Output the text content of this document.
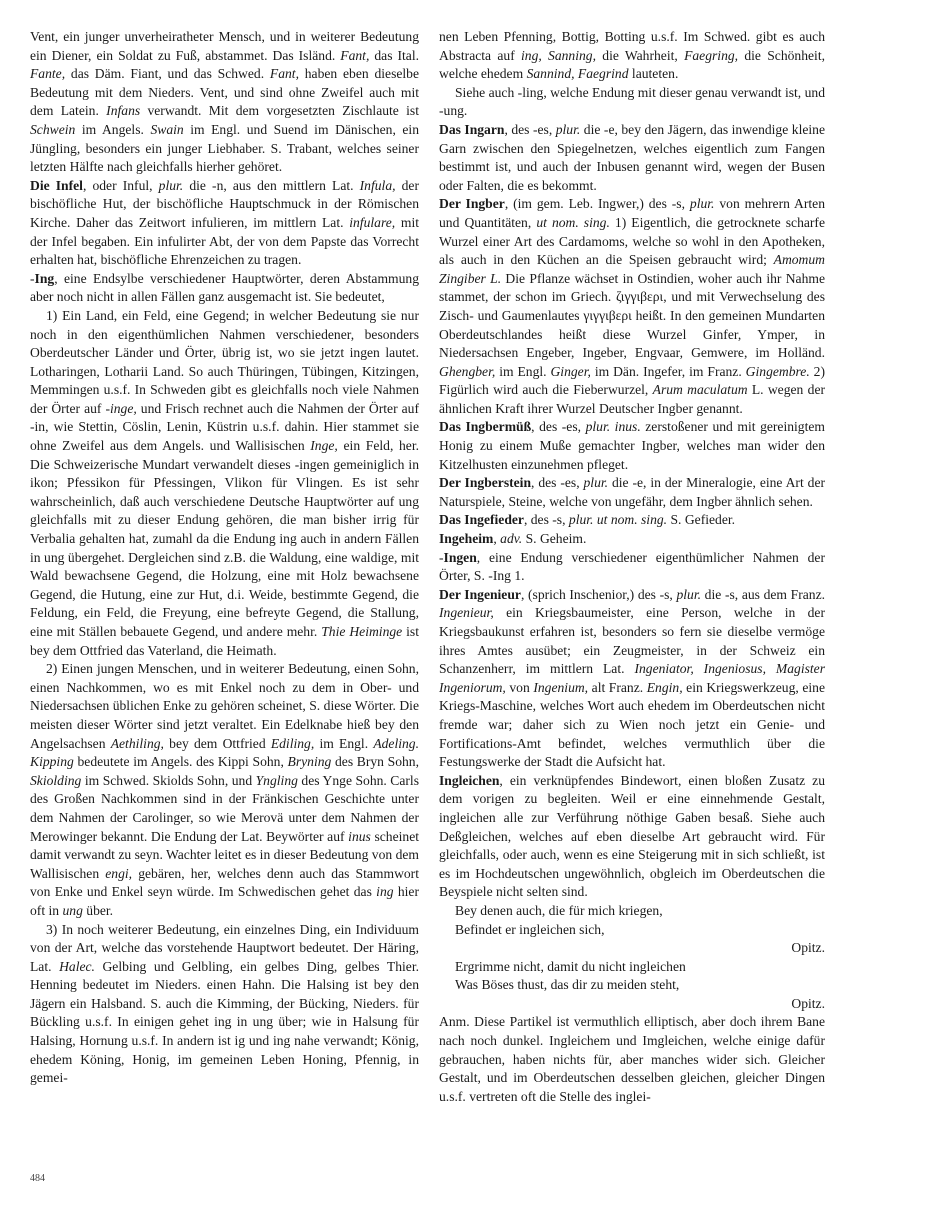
Vent, ein junger unverheiratheter Mensch, und in weiterer Bedeutung ein Diener, ein Soldat zu Fuß, abstammet. Das Isländ. Fant, das Ital. Fante, das Däm. Fiant, und das Schwed. Fant, haben eben dieselbe Bedeutung mit dem Nieders. Vent, und sind ohne Zweifel auch mit dem Latein. Infans verwandt. Mit dem vorgesetzten Zischlaute ist Schwein im Angels. Swain im Engl. und Suend im Dänischen, ein Jüngling, besonders ein junger Liebhaber. S. Trabant, welches seiner letzten Hälfte nach gleichfalls hierher gehöret.

Die Infel, oder Inful, plur. die -n, aus den mittlern Lat. Infula, der bischöfliche Hut, der bischöfliche Hauptschmuck in der Römischen Kirche. Daher das Zeitwort infulieren, im mittlern Lat. infulare, mit der Infel begaben. Ein infulirter Abt, der von dem Papste das Vorrecht erhalten hat, bischöfliche Ehrenzeichen zu tragen.

-Ing, eine Endsylbe verschiedener Hauptwörter, deren Abstammung aber noch nicht in allen Fällen ganz ausgemacht ist. Sie bedeutet,

1) Ein Land, ein Feld, eine Gegend; in welcher Bedeutung sie nur noch in den eigenthümlichen Nahmen verschiedener, besonders Oberdeutscher Länder und Örter, übrig ist, wo sie jetzt ingen lautet. Lotharingen, Lotharii Land. So auch Thüringen, Tübingen, Kitzingen, Memmingen u.s.f. In Schweden gibt es gleichfalls noch viele Nahmen der Örter auf -inge, und Frisch rechnet auch die Nahmen der Örter auf -in, wie Stettin, Cöslin, Lenin, Küstrin u.s.f. dahin. Hier stammet sie ohne Zweifel aus dem Angels. und Wallisischen Inge, ein Feld, her. Die Schweizerische Mundart verwandelt dieses -ingen gemeiniglich in ikon; Pfessikon für Pfessingen, Vlikon für Vlingen. Es ist sehr wahrscheinlich, daß auch verschiedene Deutsche Hauptwörter auf ung gleichfalls mit zu dieser Endung gehören, die man bisher irrig für Verbalia gehalten hat, zumahl da die Endung ing auch in andern Fällen in ung übergehet. Dergleichen sind z.B. die Waldung, eine waldige, mit Wald bewachsene Gegend, die Holzung, eine mit Holz bewachsene Gegend, die Hutung, eine zur Hut, d.i. Weide, bestimmte Gegend, die Feldung, ein Feld, die Freyung, eine befreyte Gegend, die Stallung, eine mit Ställen bebauete Gegend, und andere mehr. Thie Heiminge ist bey dem Ottfried das Vaterland, die Heimath.

2) Einen jungen Menschen, und in weiterer Bedeutung, einen Sohn, einen Nachkommen, wo es mit Enkel noch zu dem in Ober- und Niedersachsen üblichen Enke zu gehören scheinet, S. diese Wörter. Die meisten dieser Wörter sind jetzt veraltet. Ein Edelknabe hieß bey den Angelsachsen Aethiling, bey dem Ottfried Ediling, im Engl. Adeling. Kipping bedeutete im Angels. des Kippi Sohn, Bryning des Bryn Sohn, Skiolding im Schwed. Skiolds Sohn, und Yngling des Ynge Sohn. Carls des Großen Nachkommen sind in der Fränkischen Geschichte unter dem Nahmen der Carolinger, so wie Merovä unter dem Nahmen der Merowinger bekannt. Die Endung der Lat. Beywörter auf inus scheinet damit verwandt zu seyn. Wachter leitet es in dieser Bedeutung von dem Wallisischen engi, gebären, her, welches denn auch das Stammwort von Enke und Enkel seyn würde. Im Schwedischen gehet das ing hier oft in ung über.

3) In noch weiterer Bedeutung, ein einzelnes Ding, ein Individuum von der Art, welche das vorstehende Hauptwort bedeutet. Der Häring, Lat. Halec. Gelbing und Gelbling, ein gelbes Ding, gelbes Thier. Henning bedeutet im Nieders. einen Hahn. Die Halsing ist bey den Jägern ein Halsband. S. auch die Kimming, der Bücking, Nieders. für Bückling u.s.f. In einigen gehet ing in ung über; wie in Halsung für Halsing, Hornung u.s.f. In andern ist ig und ing nahe verwandt; König, ehedem Köning, Honig, im gemeinen Leben Honing, Pfennig, in gemei-

nen Leben Pfenning, Bottig, Botting u.s.f. Im Schwed. gibt es auch Abstracta auf ing, Sanning, die Wahrheit, Faegring, die Schönheit, welche ehedem Sannind, Faegrind lauteten.

Siehe auch -ling, welche Endung mit dieser genau verwandt ist, und -ung.

Das Ingarn, des -es, plur. die -e, bey den Jägern, das inwendige kleine Garn zwischen den Spiegelnetzen, welches eigentlich zum Fangen bestimmt ist, und auch der Inbusen genannt wird, wegen der Busen oder Falten, die es bekommt.

Der Ingber, (im gem. Leb. Ingwer,) des -s, plur. von mehrern Arten und Quantitäten, ut nom. sing. 1) Eigentlich, die getrocknete scharfe Wurzel einer Art des Cardamoms, welche so wohl in den Apotheken, als auch in den Küchen an die Speisen gebraucht wird; Amomum Zingiber L. Die Pflanze wächset in Ostindien, woher auch ihr Nahme stammet, der schon im Griech. ζιγγιβερι, und mit Verwechselung des Zisch- und Gaumenlautes γιγγιβερι heißt. In den gemeinen Mundarten Oberdeutschlandes heißt diese Wurzel Ginfer, Ymper, in Niedersachsen Engeber, Ingeber, Engvaar, Gemwere, im Holländ. Ghengber, im Engl. Ginger, im Dän. Ingefer, im Franz. Gingembre. 2) Figürlich wird auch die Fieberwurzel, Arum maculatum L. wegen der ähnlichen Kraft ihrer Wurzel Deutscher Ingber genannt.

Das Ingbermüß, des -es, plur. inus. zerstoßener und mit gereinigtem Honig zu einem Muße gemachter Ingber, welches man wider den Kitzelhusten einzunehmen pfleget.

Der Ingberstein, des -es, plur. die -e, in der Mineralogie, eine Art der Naturspiele, Steine, welche von ungefähr, dem Ingber ähnlich sehen.

Das Ingefieder, des -s, plur. ut nom. sing. S. Gefieder.

Ingeheim, adv. S. Geheim.

-Ingen, eine Endung verschiedener eigenthümlicher Nahmen der Örter, S. -Ing 1.

Der Ingenieur, (sprich Inschenior,) des -s, plur. die -s, aus dem Franz. Ingenieur, ein Kriegsbaumeister, eine Person, welche in der Kriegsbaukunst erfahren ist, besonders so fern sie dieselbe vermöge ihres Amtes ausübet; ein Zeugmeister, in der Schweiz ein Schanzenherr, im mittlern Lat. Ingeniator, Ingeniosus, Magister Ingeniorum, von Ingenium, alt Franz. Engin, ein Kriegswerkzeug, eine Kriegs-Maschine, welches Wort auch ehedem im Oberdeutschen nicht fremde war; daher sich zu Wien noch jetzt ein Genie- und Fortifications-Amt befindet, welches vermuthlich über die Festungswerke der Stadt die Aufsicht hat.

Ingleichen, ein verknüpfendes Bindewort, einen bloßen Zusatz zu dem vorigen zu begleiten. Weil er eine einnehmende Gestalt, ingleichen alle zur Verführung nöthige Gaben besaß. Siehe auch Deßgleichen, welches auf eben dieselbe Art gebraucht wird. Für gleichfalls, oder auch, wenn es eine Steigerung mit in sich schließt, ist es im Hochdeutschen ungewöhnlich, obgleich im Oberdeutschen die Beyspiele nicht selten sind.

Bey denen auch, die für mich kriegen,

Befindet er ingleichen sich,

Opitz.

Ergrimme nicht, damit du nicht ingleichen

Was Böses thust, das dir zu meiden steht,

Opitz.

Anm. Diese Partikel ist vermuthlich elliptisch, aber doch ihrem Bane nach noch dunkel. Ingleichem und Imgleichen, welche einige dafür gebrauchen, haben nichts für, aber manches wider sich. Gleicher Gestalt, und im Oberdeutschen desselben gleichen, gleicher Dingen u.s.f. vertreten oft die Stelle des inglei-

484
